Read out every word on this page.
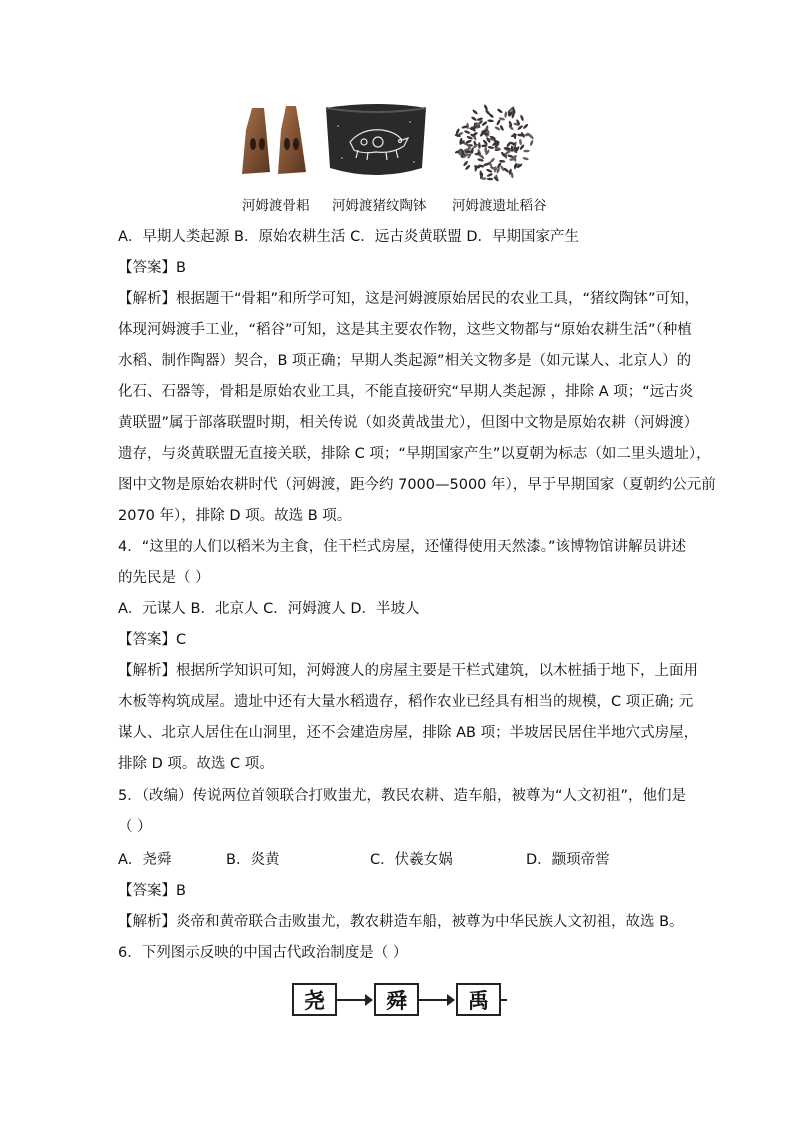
河姆渡骨耜 河姆渡猪纹陶钵 河姆渡遗址稻谷
A．早期人类起源 B．原始农耕生活 C．远古炎黄联盟 D．早期国家产生
【答案】B
【解析】根据题干“骨耜”和所学可知，这是河姆渡原始居民的农业工具，“猪纹陶钵”可知，
体现河姆渡手工业，“稻谷”可知，这是其主要农作物，这些文物都与“原始农耕生活”（种植
水稻、制作陶器）契合，B 项正确；早期人类起源”相关文物多是（如元谋人、北京人）的
化石、石器等，骨耜是原始农业工具，不能直接研究“早期人类起源 ，排除 A 项；“远古炎
黄联盟”属于部落联盟时期，相关传说（如炎黄战蚩尤），但图中文物是原始农耕（河姆渡）
遗存，与炎黄联盟无直接关联，排除 C 项；“早期国家产生”以夏朝为标志（如二里头遗址），
图中文物是原始农耕时代（河姆渡，距今约 7000—5000 年），早于早期国家（夏朝约公元前
2070 年），排除 D 项。故选 B 项。
4．“这里的人们以稻米为主食，住干栏式房屋，还懂得使用天然漆。”该博物馆讲解员讲述
的先民是（ ）
A．元谋人 B．北京人 C．河姆渡人 D．半坡人
【答案】C
【解析】根据所学知识可知，河姆渡人的房屋主要是干栏式建筑，以木桩插于地下，上面用
木板等构筑成屋。遗址中还有大量水稻遗存，稻作农业已经具有相当的规模，C 项正确; 元
谋人、北京人居住在山洞里，还不会建造房屋，排除 AB 项；半坡居民居住半地穴式房屋，
排除 D 项。故选 C 项。
5．（改编）传说两位首领联合打败蚩尤，教民农耕、造车船，被尊为“人文初祖”，他们是
（ ）
A．尧舜	B．炎黄	C．伏羲女娲	D．颛顼帝喾
【答案】B
【解析】炎帝和黄帝联合击败蚩尤，教农耕造车船，被尊为中华民族人文初祖，故选 B。
6．下列图示反映的中国古代政治制度是（ ）
尧	舜	禹
